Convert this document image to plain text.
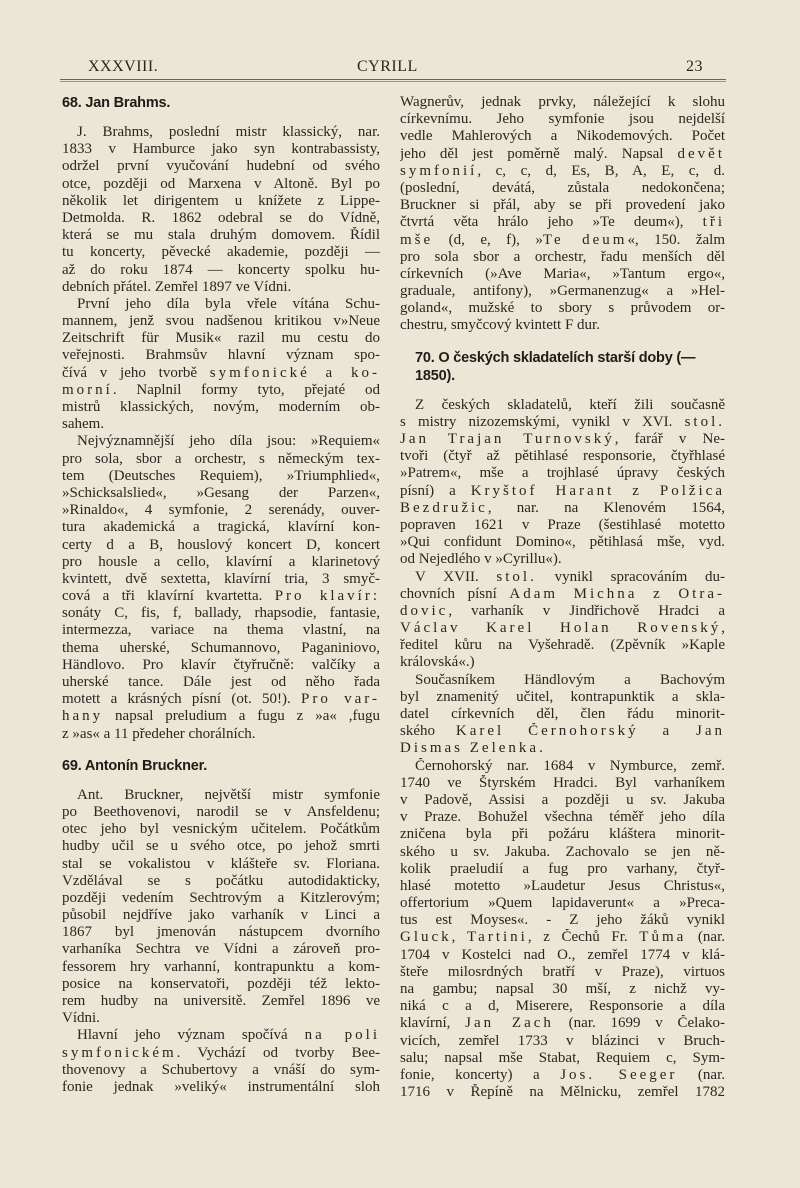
XXXVIII.	CYRILL	23
68. Jan Brahms.
J. Brahms, poslední mistr klassický, nar.
1833 v Hamburce jako syn kontrabassisty,
održel první vyučování hudební od svého
otce, později od Marxena v Altoně. Byl po
několik let dirigentem u knížete z Lippe-
Detmolda. R. 1862 odebral se do Vídně,
která se mu stala druhým domovem. Řídil
tu koncerty, pěvecké akademie, později —
až do roku 1874 — koncerty spolku hu-
debních přátel. Zemřel 1897 ve Vídni.
První jeho díla byla vřele vítána Schu-
mannem, jenž svou nadšenou kritikou v»Neue
Zeitschrift für Musik« razil mu cestu do
veřejnosti. Brahmsův hlavní význam spo-
čívá v jeho tvorbě symfonické a ko-
morní. Naplnil formy tyto, přejaté od
mistrů klassických, novým, moderním ob-
sahem.
Nejvýznamnější jeho díla jsou: »Requiem«
pro sola, sbor a orchestr, s německým tex-
tem (Deutsches Requiem), »Triumphlied«,
»Schicksalslied«, »Gesang der Parzen«,
»Rinaldo«, 4 symfonie, 2 serenády, ouver-
tura akademická a tragická, klavírní kon-
certy d a B, houslový koncert D, koncert
pro housle a cello, klavírní a klarinetový
kvintett, dvě sextetta, klavírní tria, 3 smyč-
cová a tři klavírní kvartetta. Pro klavír:
sonáty C, fis, f, ballady, rhapsodie, fantasie,
intermezza, variace na thema vlastní, na
thema uherské, Schumannovo, Paganiniovo,
Händlovo. Pro klavír čtyřručně: valčíky a
uherské tance. Dále jest od něho řada
motett a krásných písní (ot. 50!). Pro var-
hany napsal preludium a fugu z »a« ,fugu
z »as« a 11 předeher chorálních.
69. Antonín Bruckner.
Ant. Bruckner, největší mistr symfonie
po Beethovenovi, narodil se v Ansfeldenu;
otec jeho byl vesnickým učitelem. Počátkům
hudby učil se u svého otce, po jehož smrti
stal se vokalistou v klášteře sv. Floriana.
Vzdělával se s počátku autodidakticky,
později vedením Sechtrovým a Kitzlerovým;
působil nejdříve jako varhaník v Linci a
1867 byl jmenován nástupcem dvorního
varhaníka Sechtra ve Vídni a zároveň pro-
fessorem hry varhanní, kontrapunktu a kom-
posice na konservatoři, později též lekto-
rem hudby na universitě. Zemřel 1896 ve
Vídni.
Hlavní jeho význam spočívá na poli
symfonickém. Vychází od tvorby Bee-
thovenovy a Schubertovy a vnáší do sym-
fonie jednak »veliký« instrumentální sloh
Wagnerův, jednak prvky, náležející k slohu
církevnímu. Jeho symfonie jsou nejdelší
vedle Mahlerových a Nikodemových. Počet
jeho děl jest poměrně malý. Napsal devět
symfonií, c, c, d, Es, B, A, E, c, d.
(poslední, devátá, zůstala nedokončena;
Bruckner si přál, aby se při provedení jako
čtvrtá věta hrálo jeho »Te deum«), tři
mše (d, e, f), »Te deum«, 150. žalm
pro sola sbor a orchestr, řadu menších děl
církevních (»Ave Maria«, »Tantum ergo«,
graduale, antifony), »Germanenzug« a »Hel-
goland«, mužské to sbory s průvodem or-
chestru, smyčcový kvintett F dur.
70. O českých skladatelích starší doby (—1850).
Z českých skladatelů, kteří žili současně
s mistry nizozemskými, vynikl v XVI. stol.
Jan Trajan Turnovský, farář v Ne-
tvoři (čtyř až pětihlasé responsorie, čtyřhlasé
»Patrem«, mše a trojhlasé úpravy českých
písní) a Kryštof Harant z Polžica
Bezdružic, nar. na Klenovém 1564,
popraven 1621 v Praze (šestihlasé motetto
»Qui confidunt Domino«, pětihlasá mše, vyd.
od Nejedlého v »Cyrillu«).
V XVII. stol. vynikl spracováním du-
chovních písní Adam Michna z Otra-
dovic, varhaník v Jindřichově Hradci a
Václav Karel Holan Rovenský,
ředitel kůru na Vyšehradě. (Zpěvník »Kaple
královská«.)
Současníkem Händlovým a Bachovým
byl znamenitý učitel, kontrapunktik a skla-
datel církevních děl, člen řádu minorit-
ského Karel Černohorský a Jan
Dismas Zelenka.
Černohorský nar. 1684 v Nymburce, zemř.
1740 ve Štyrském Hradci. Byl varhaníkem
v Padově, Assisi a později u sv. Jakuba
v Praze. Bohužel všechna téměř jeho díla
zničena byla při požáru kláštera minorit-
ského u sv. Jakuba. Zachovalo se jen ně-
kolik praeludií a fug pro varhany, čtyř-
hlasé motetto »Laudetur Jesus Christus«,
offertorium »Quem lapidaverunt« a »Preca-
tus est Moyses«. - Z jeho žáků vynikl
Gluck, Tartini, z Čechů Fr. Tůma (nar.
1704 v Kostelci nad O., zemřel 1774 v klá-
šteře milosrdných bratří v Praze), virtuos
na gambu; napsal 30 mší, z nichž vy-
niká c a d, Miserere, Responsorie a díla
klavírní, Jan Zach (nar. 1699 v Čelako-
vicích, zemřel 1733 v blázinci v Bruch-
salu; napsal mše Stabat, Requiem c, Sym-
fonie, koncerty) a Jos. Seeger (nar.
1716 v Řepíně na Mělnicku, zemřel 1782
